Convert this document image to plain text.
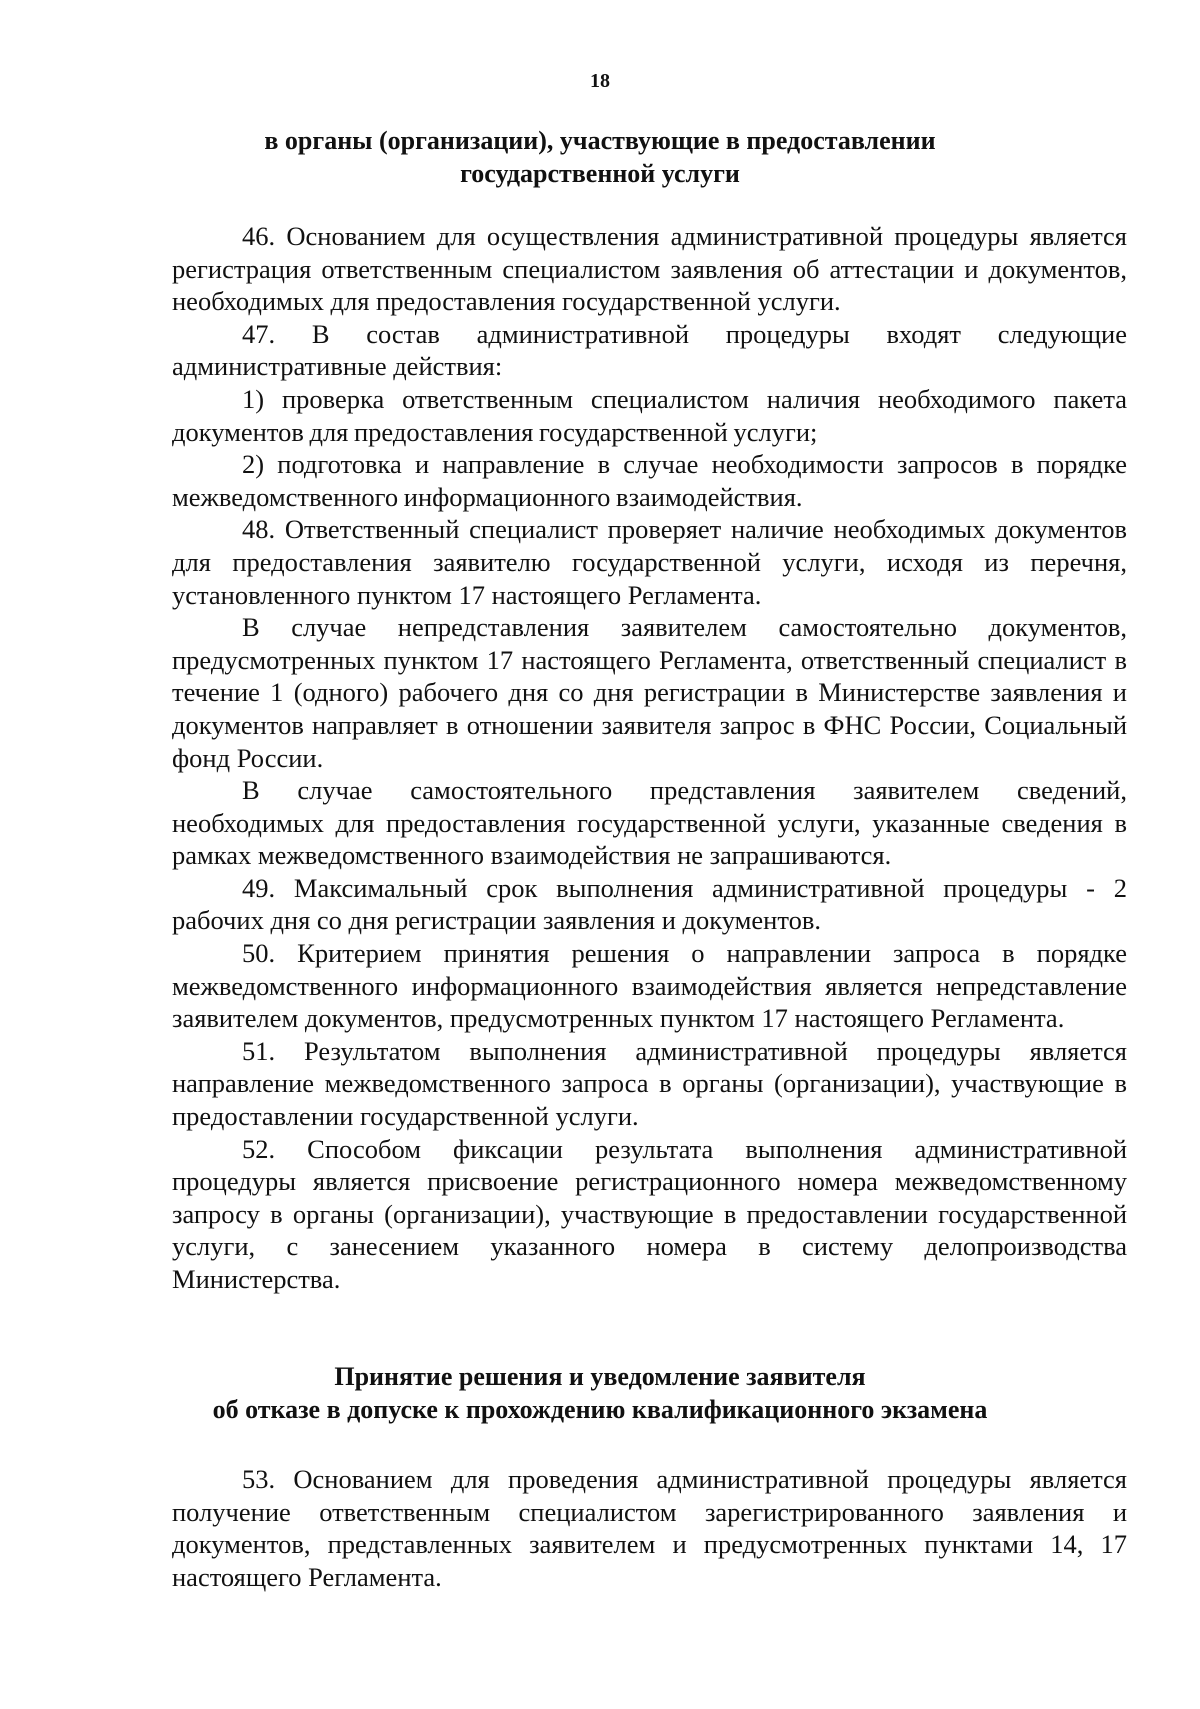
18
в органы (организации), участвующие в предоставлении
государственной услуги

46. Основанием для осуществления административной процедуры является регистрация ответственным специалистом заявления об аттестации и документов, необходимых для предоставления государственной услуги.

47. В состав административной процедуры входят следующие административные действия:

1) проверка ответственным специалистом наличия необходимого пакета документов для предоставления государственной услуги;

2) подготовка и направление в случае необходимости запросов в порядке межведомственного информационного взаимодействия.

48. Ответственный специалист проверяет наличие необходимых документов для предоставления заявителю государственной услуги, исходя из перечня, установленного пунктом 17 настоящего Регламента.

В случае непредставления заявителем самостоятельно документов, предусмотренных пунктом 17 настоящего Регламента, ответственный специалист в течение 1 (одного) рабочего дня со дня регистрации в Министерстве заявления и документов направляет в отношении заявителя запрос в ФНС России, Социальный фонд России.

В случае самостоятельного представления заявителем сведений, необходимых для предоставления государственной услуги, указанные сведения в рамках межведомственного взаимодействия не запрашиваются.

49. Максимальный срок выполнения административной процедуры - 2 рабочих дня со дня регистрации заявления и документов.

50. Критерием принятия решения о направлении запроса в порядке межведомственного информационного взаимодействия является непредставление заявителем документов, предусмотренных пунктом 17 настоящего Регламента.

51. Результатом выполнения административной процедуры является направление межведомственного запроса в органы (организации), участвующие в предоставлении государственной услуги.

52. Способом фиксации результата выполнения административной процедуры является присвоение регистрационного номера межведомственному запросу в органы (организации), участвующие в предоставлении государственной услуги, с занесением указанного номера в систему делопроизводства Министерства.

Принятие решения и уведомление заявителя
об отказе в допуске к прохождению квалификационного экзамена

53. Основанием для проведения административной процедуры является получение ответственным специалистом зарегистрированного заявления и документов, представленных заявителем и предусмотренных пунктами 14, 17 настоящего Регламента.
